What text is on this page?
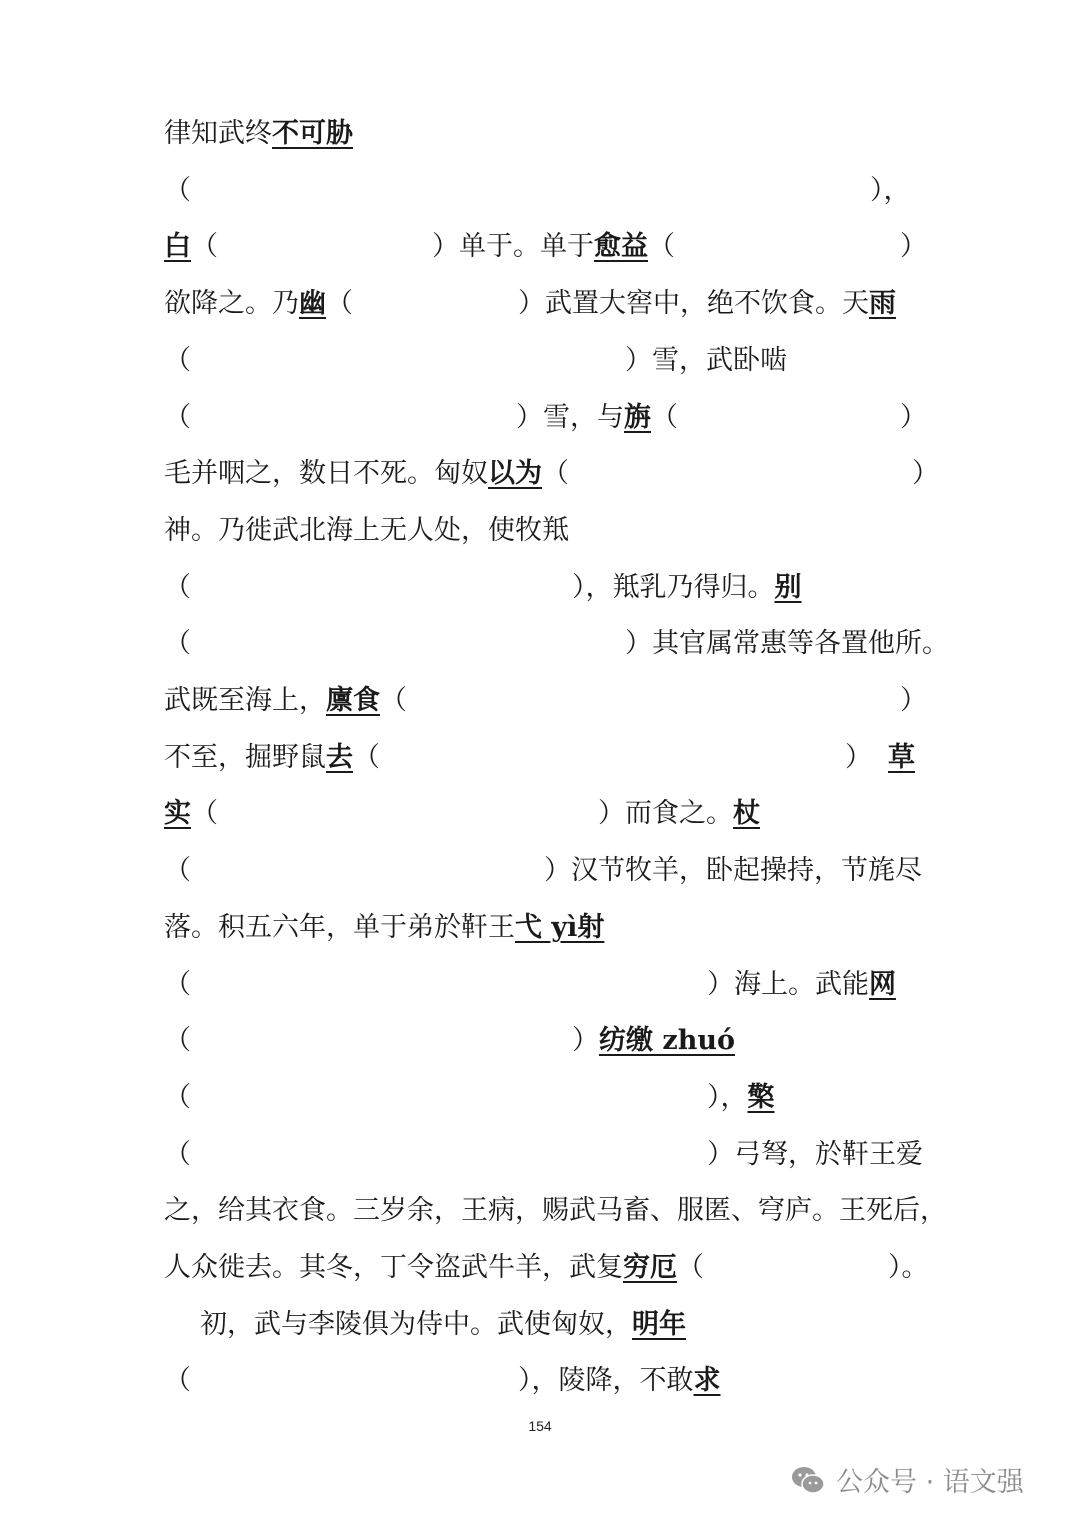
律知武终 不可胁
（	），
白 （	）单于。单于 愈益 （	）
欲降之。乃 幽 （	）武置大窖中，绝不饮食。天 雨
（	）雪，武卧啮
（	）雪，与 旃 （	）
毛并咽之，数日不死。匈奴 以为 （	）
神。乃徙武北海上无人处，使牧羝
（	），羝乳乃得归。 别
（	）其官属常惠等各置他所。
武既至海上， 廪食 （	）
不至，掘野鼠 去 （	） 草
实 （	）而食之。 杖
（	）汉节牧羊，卧起操持，节旄尽
落。积五六年，单于弟於靬王 弋 yì射
（	）海上。武能 网
（	） 纺缴 zhuó
（	）， 檠
（	）弓弩，於靬王爱
之，给其衣食。三岁余，王病，赐武马畜、服匿、穹庐。王死后，
人众徙去。其冬，丁令盗武牛羊，武复 穷厄 （	）。
初，武与李陵俱为侍中。武使匈奴， 明年
（	），陵降，不敢 求
154
公众号 · 语文强
